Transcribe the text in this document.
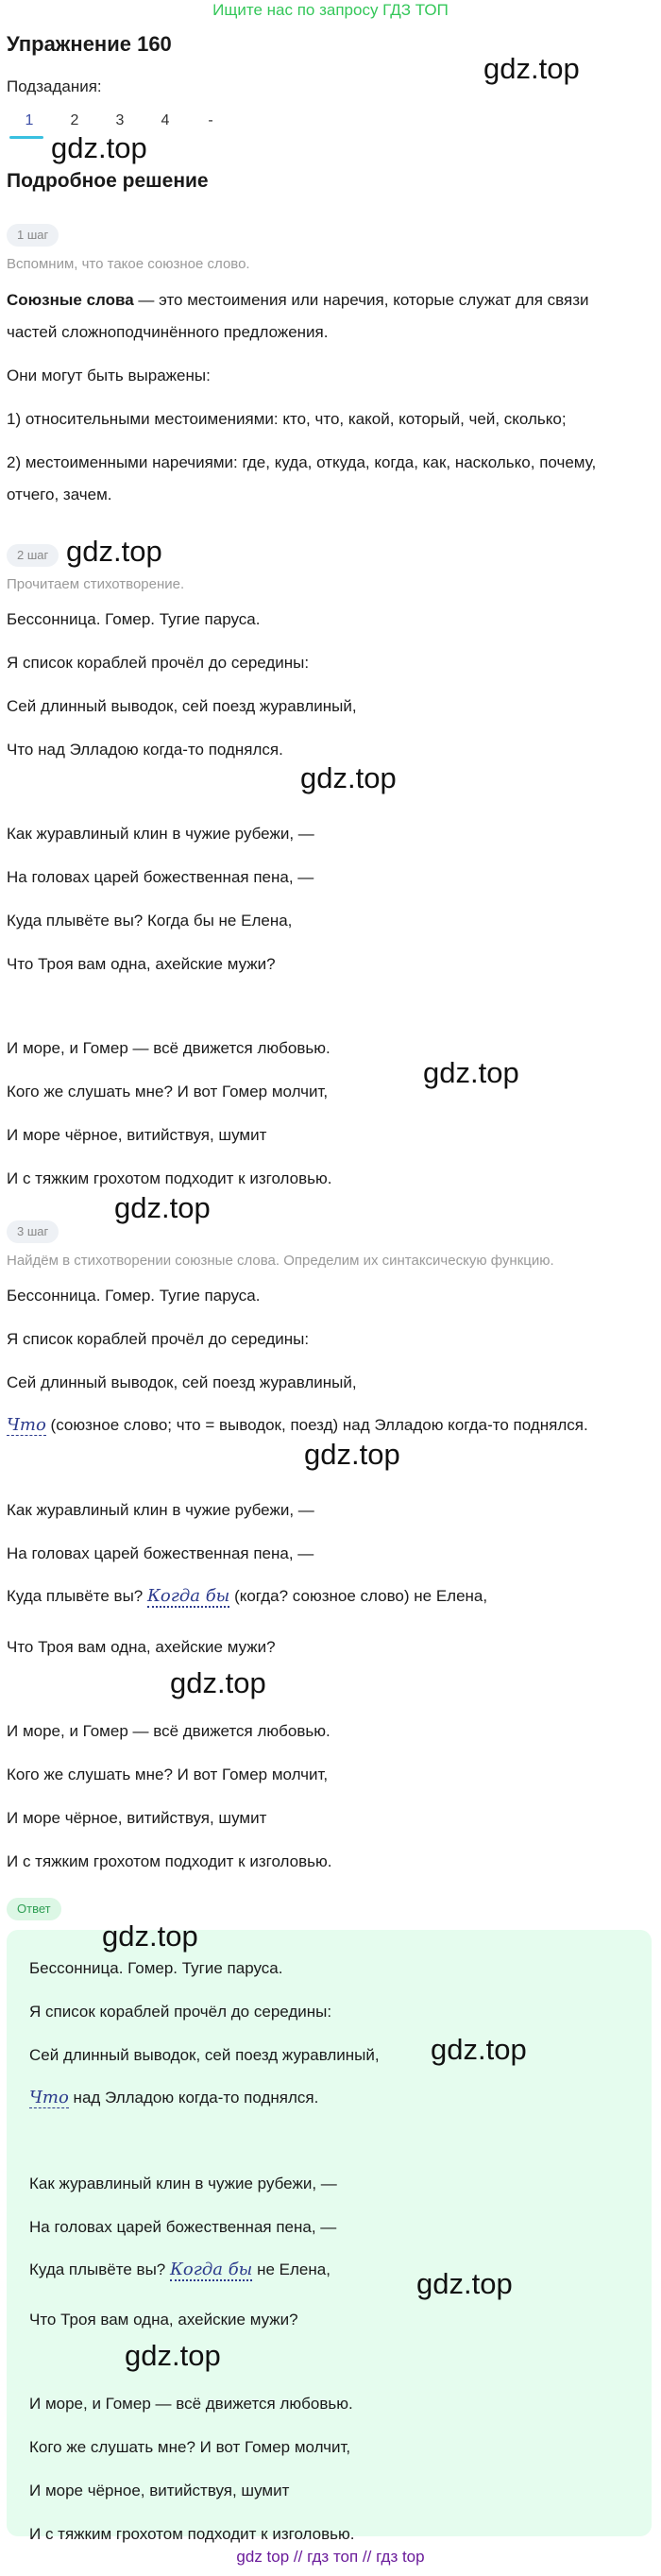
Ищите нас по запросу ГДЗ ТОП
Упражнение 160
Подзадания:
1	2	3	4	-
Подробное решение
1 шаг
Вспомним, что такое союзное слово.
Союзные слова — это местоимения или наречия, которые служат для связи
частей сложноподчинённого предложения.
Они могут быть выражены:
1) относительными местоимениями: кто, что, какой, который, чей, сколько;
2) местоименными наречиями: где, куда, откуда, когда, как, насколько, почему,
отчего, зачем.
2 шаг
Прочитаем стихотворение.
Бессонница. Гомер. Тугие паруса.
Я список кораблей прочёл до середины:
Сей длинный выводок, сей поезд журавлиный,
Что над Элладою когда-то поднялся.
Как журавлиный клин в чужие рубежи, —
На головах царей божественная пена, —
Куда плывёте вы? Когда бы не Елена,
Что Троя вам одна, ахейские мужи?
И море, и Гомер — всё движется любовью.
Кого же слушать мне? И вот Гомер молчит,
И море чёрное, витийствуя, шумит
И с тяжким грохотом подходит к изголовью.
3 шаг
Найдём в стихотворении союзные слова. Определим их синтаксическую функцию.
Бессонница. Гомер. Тугие паруса.
Я список кораблей прочёл до середины:
Сей длинный выводок, сей поезд журавлиный,
Что (союзное слово; что = выводок, поезд) над Элладою когда-то поднялся.
Как журавлиный клин в чужие рубежи, —
На головах царей божественная пена, —
Куда плывёте вы? Когда бы (когда? союзное слово) не Елена,
Что Троя вам одна, ахейские мужи?
И море, и Гомер — всё движется любовью.
Кого же слушать мне? И вот Гомер молчит,
И море чёрное, витийствуя, шумит
И с тяжким грохотом подходит к изголовью.
Ответ
Бессонница. Гомер. Тугие паруса.
Я список кораблей прочёл до середины:
Сей длинный выводок, сей поезд журавлиный,
Что над Элладою когда-то поднялся.
Как журавлиный клин в чужие рубежи, —
На головах царей божественная пена, —
Куда плывёте вы? Когда бы не Елена,
Что Троя вам одна, ахейские мужи?
И море, и Гомер — всё движется любовью.
Кого же слушать мне? И вот Гомер молчит,
И море чёрное, витийствуя, шумит
И с тяжким грохотом подходит к изголовью.
gdz.top
gdz.top
gdz.top
gdz.top
gdz.top
gdz.top
gdz.top
gdz.top
gdz.top
gdz.top
gdz.top
gdz.top
gdz top // гдз топ // гдз top
